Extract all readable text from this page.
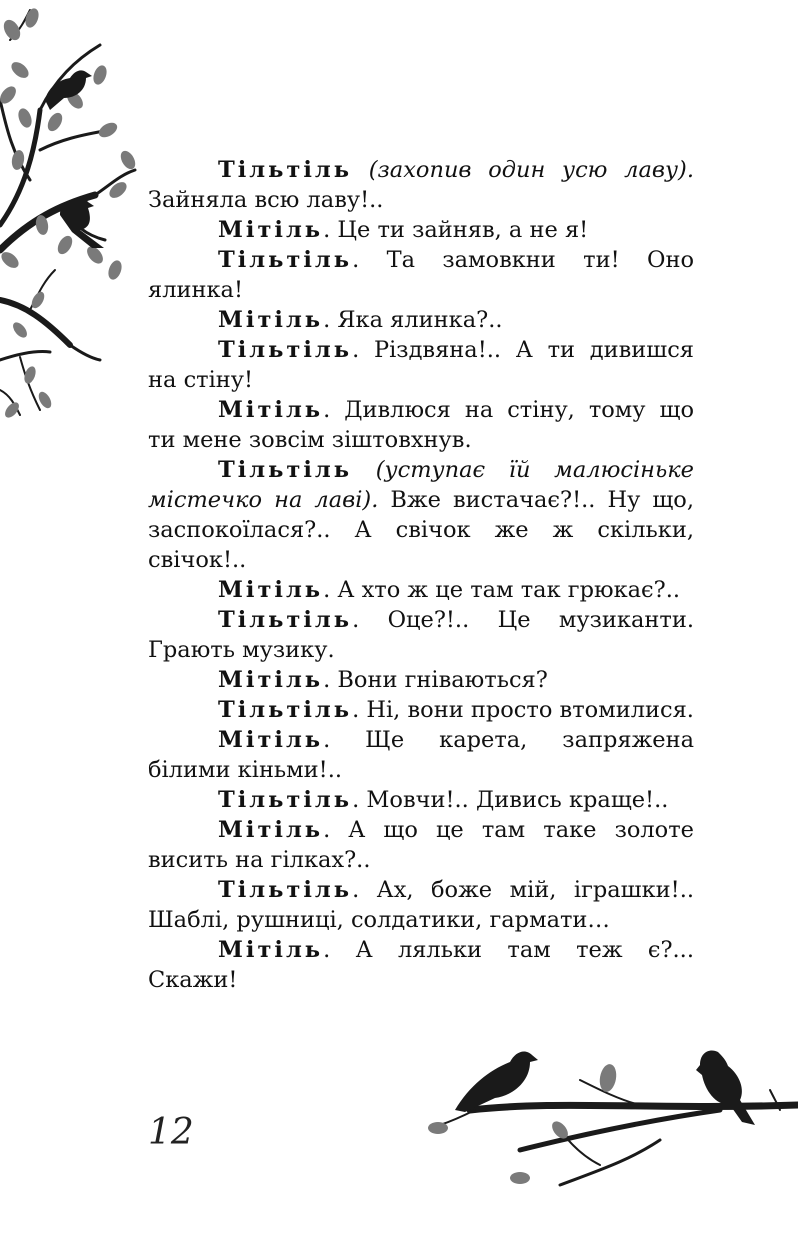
Тільтіль (захопив один усю лаву). Зайняла всю лаву!..

Мітіль. Це ти зайняв, а не я!

Тільтіль. Та замовкни ти! Оно ялинка!

Мітіль. Яка ялинка?..

Тільтіль. Різдвяна!.. А ти дивишся на стіну!

Мітіль. Дивлюся на стіну, тому що ти мене зовсім зіштовхнув.

Тільтіль (уступає їй малюсіньке містечко на лаві). Вже вистачає?!.. Ну що, заспокоїлася?.. А свічок же ж скільки, свічок!..

Мітіль. А хто ж це там так грюкає?..

Тільтіль. Оце?!.. Це музиканти. Грають музику.

Мітіль. Вони гніваються?

Тільтіль. Ні, вони просто втомилися.

Мітіль. Ще карета, запряжена білими кіньми!..

Тільтіль. Мовчи!.. Дивись краще!..

Мітіль. А що це там таке золоте висить на гілках?..

Тільтіль. Ах, боже мій, іграшки!.. Шаблі, рушниці, солдатики, гармати…

Мітіль. А ляльки там теж є?... Скажи!

12
